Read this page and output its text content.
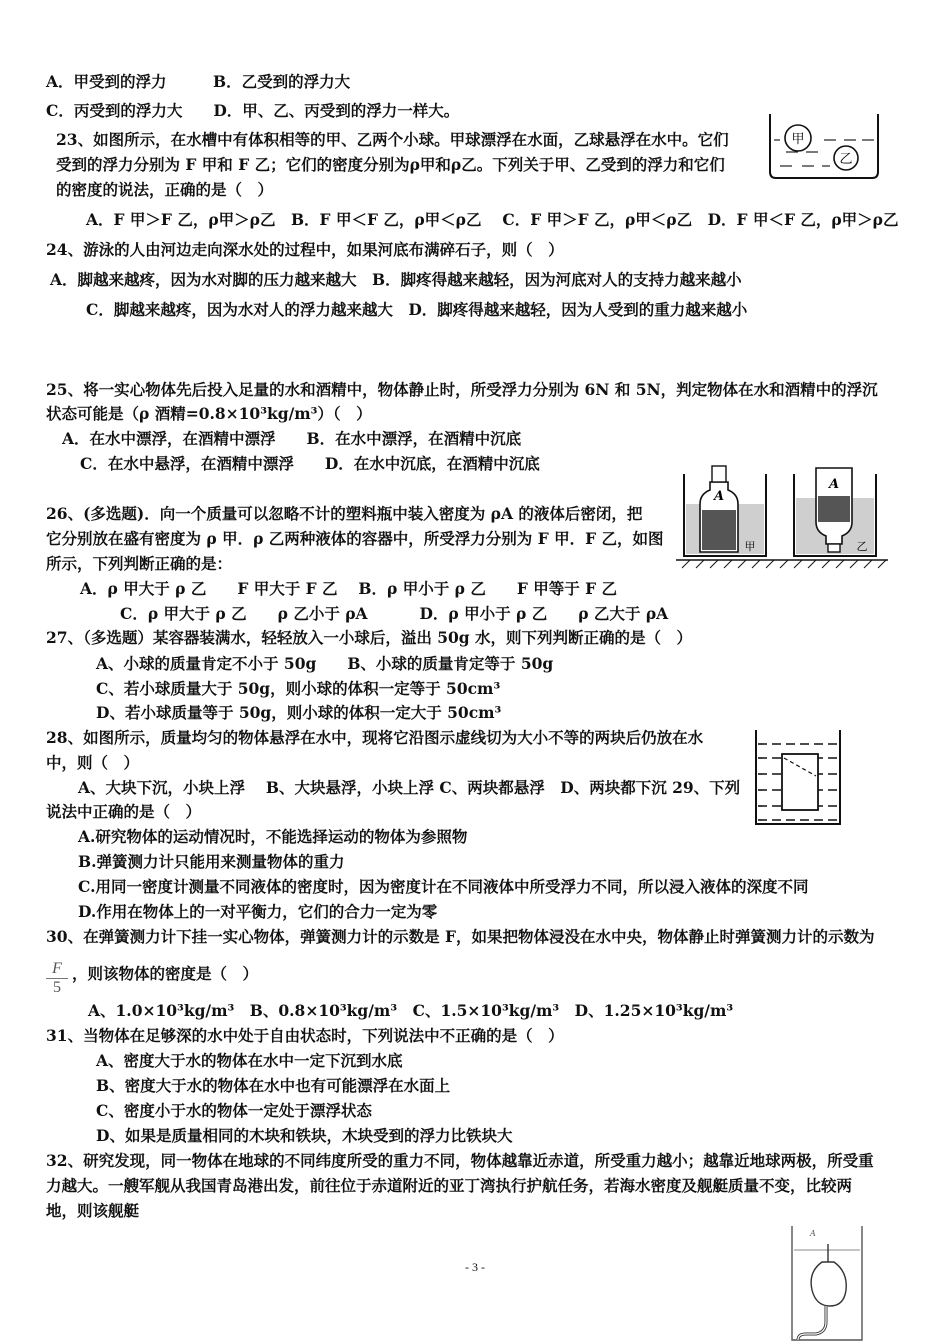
A．甲受到的浮力　　　B．乙受到的浮力大
C．丙受到的浮力大　　D．甲、乙、丙受到的浮力一样大。
23、如图所示，在水槽中有体积相等的甲、乙两个小球。甲球漂浮在水面，乙球悬浮在水中。它们
受到的浮力分别为 F 甲和 F 乙；它们的密度分别为ρ甲和ρ乙。下列关于甲、乙受到的浮力和它们
的密度的说法，正确的是（　）
A．F 甲＞F 乙，ρ甲＞ρ乙　B．F 甲＜F 乙，ρ甲＜ρ乙　 C．F 甲＞F 乙，ρ甲＜ρ乙　D．F 甲＜F 乙，ρ甲＞ρ乙
24、游泳的人由河边走向深水处的过程中，如果河底布满碎石子，则（　）
A．脚越来越疼，因为水对脚的压力越来越大　B．脚疼得越来越轻，因为河底对人的支持力越来越小
C．脚越来越疼，因为水对人的浮力越来越大　D．脚疼得越来越轻，因为人受到的重力越来越小
25、将一实心物体先后投入足量的水和酒精中，物体静止时，所受浮力分别为 6N 和 5N，判定物体在水和酒精中的浮沉
状态可能是（ρ 酒精=0.8×10³kg/m³）（　）
A．在水中漂浮，在酒精中漂浮　　B．在水中漂浮，在酒精中沉底
C．在水中悬浮，在酒精中漂浮　　D．在水中沉底，在酒精中沉底
26、(多选题)．向一个质量可以忽略不计的塑料瓶中装入密度为 ρA 的液体后密闭，把
它分别放在盛有密度为 ρ 甲．ρ 乙两种液体的容器中，所受浮力分别为 F 甲．F 乙，如图
所示，下列判断正确的是：
A．ρ 甲大于 ρ 乙　　F 甲大于 F 乙　 B．ρ 甲小于 ρ 乙　　F 甲等于 F 乙
C．ρ 甲大于 ρ 乙　　ρ 乙小于 ρA　　　 D．ρ 甲小于 ρ 乙　　ρ 乙大于 ρA
27、（多选题）某容器装满水，轻轻放入一小球后，溢出 50g 水，则下列判断正确的是（　）
A、小球的质量肯定不小于 50g　　B、小球的质量肯定等于 50g
C、若小球质量大于 50g，则小球的体积一定等于 50cm³
D、若小球质量等于 50g，则小球的体积一定大于 50cm³
28、如图所示，质量均匀的物体悬浮在水中，现将它沿图示虚线切为大小不等的两块后仍放在水
中，则（　）
A、大块下沉，小块上浮　 B、大块悬浮，小块上浮 C、两块都悬浮　D、两块都下沉 29、下列
说法中正确的是（　）
A.研究物体的运动情况时，不能选择运动的物体为参照物
B.弹簧测力计只能用来测量物体的重力
C.用同一密度计测量不同液体的密度时，因为密度计在不同液体中所受浮力不同，所以浸入液体的深度不同
D.作用在物体上的一对平衡力，它们的合力一定为零
30、在弹簧测力计下挂一实心物体，弹簧测力计的示数是 F，如果把物体浸没在水中央，物体静止时弹簧测力计的示数为
，则该物体的密度是（　）
A、1.0×10³kg/m³　B、0.8×10³kg/m³　C、1.5×10³kg/m³　D、1.25×10³kg/m³
31、当物体在足够深的水中处于自由状态时，下列说法中不正确的是（　）
A、密度大于水的物体在水中一定下沉到水底
B、密度大于水的物体在水中也有可能漂浮在水面上
C、密度小于水的物体一定处于漂浮状态
D、如果是质量相同的木块和铁块，木块受到的浮力比铁块大
32、研究发现，同一物体在地球的不同纬度所受的重力不同，物体越靠近赤道，所受重力越小；越靠近地球两极，所受重
力越大。一艘军舰从我国青岛港出发，前往位于赤道附近的亚丁湾执行护航任务，若海水密度及舰艇质量不变，比较两
地，则该舰艇
$\frac{F}{5}$
甲
乙
A
甲
A
乙
A
- 3 -
